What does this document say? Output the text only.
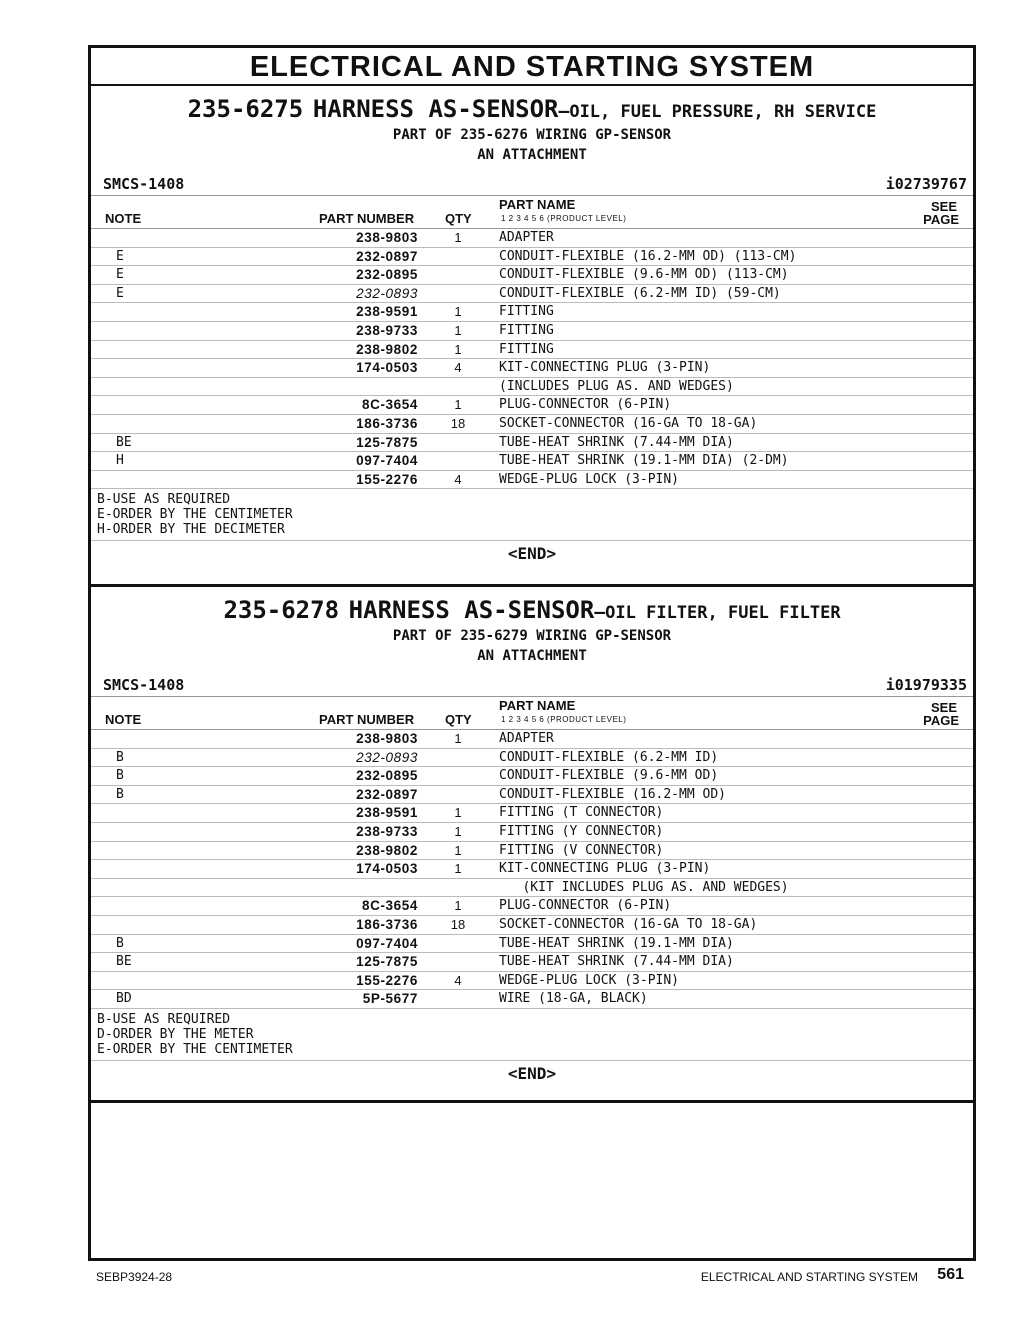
ELECTRICAL AND STARTING SYSTEM
235-6275 HARNESS AS-SENSOR—OIL, FUEL PRESSURE, RH SERVICE
PART OF 235-6276 WIRING GP-SENSOR
AN ATTACHMENT
SMCS-1408	i02739767
NOTE	PART NUMBER QTY
PART NAME
1 2 3 4 5 6 (PRODUCT LEVEL)
SEE
PAGE
238-9803	1	ADAPTER
E	232-0897	CONDUIT-FLEXIBLE (16.2-MM OD) (113-CM)
E	232-0895	CONDUIT-FLEXIBLE (9.6-MM OD) (113-CM)
E	232-0893	CONDUIT-FLEXIBLE (6.2-MM ID) (59-CM)
238-9591	1	FITTING
238-9733	1	FITTING
238-9802	1	FITTING
174-0503	4	KIT-CONNECTING PLUG (3-PIN)
(INCLUDES PLUG AS. AND WEDGES)
8C-3654	1	PLUG-CONNECTOR (6-PIN)
186-3736	18	SOCKET-CONNECTOR (16-GA TO 18-GA)
BE	125-7875	TUBE-HEAT SHRINK (7.44-MM DIA)
H	097-7404	TUBE-HEAT SHRINK (19.1-MM DIA) (2-DM)
155-2276	4	WEDGE-PLUG LOCK (3-PIN)
B-USE AS REQUIRED
E-ORDER BY THE CENTIMETER
H-ORDER BY THE DECIMETER
<END>
235-6278 HARNESS AS-SENSOR—OIL FILTER, FUEL FILTER
PART OF 235-6279 WIRING GP-SENSOR
AN ATTACHMENT
SMCS-1408	i01979335
NOTE	PART NUMBER QTY
PART NAME
1 2 3 4 5 6 (PRODUCT LEVEL)
SEE
PAGE
238-9803	1	ADAPTER
B	232-0893	CONDUIT-FLEXIBLE (6.2-MM ID)
B	232-0895	CONDUIT-FLEXIBLE (9.6-MM OD)
B	232-0897	CONDUIT-FLEXIBLE (16.2-MM OD)
238-9591	1	FITTING (T CONNECTOR)
238-9733	1	FITTING (Y CONNECTOR)
238-9802	1	FITTING (V CONNECTOR)
174-0503	1	KIT-CONNECTING PLUG (3-PIN)
(KIT INCLUDES PLUG AS. AND WEDGES)
8C-3654	1	PLUG-CONNECTOR (6-PIN)
186-3736	18	SOCKET-CONNECTOR (16-GA TO 18-GA)
B	097-7404	TUBE-HEAT SHRINK (19.1-MM DIA)
BE	125-7875	TUBE-HEAT SHRINK (7.44-MM DIA)
155-2276	4	WEDGE-PLUG LOCK (3-PIN)
BD	5P-5677	WIRE (18-GA, BLACK)
B-USE AS REQUIRED
D-ORDER BY THE METER
E-ORDER BY THE CENTIMETER
<END>
SEBP3924-28	ELECTRICAL AND STARTING SYSTEM 561
